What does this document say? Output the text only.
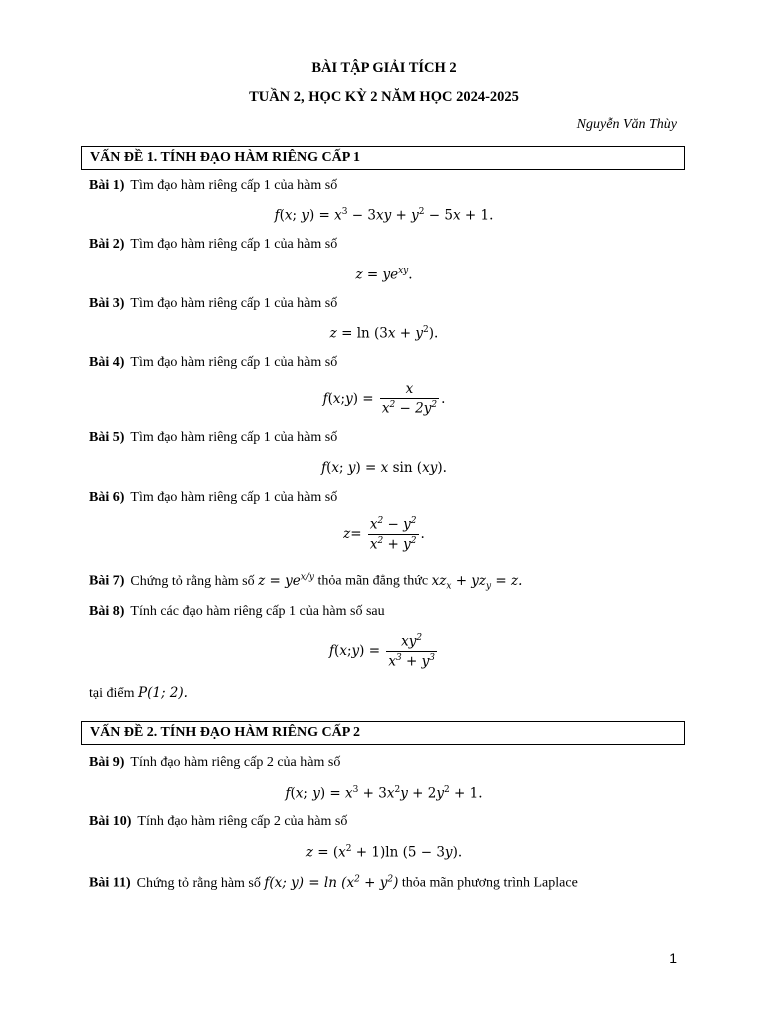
BÀI TẬP GIẢI TÍCH 2
TUẦN 2, HỌC KỲ 2 NĂM HỌC 2024-2025
Nguyễn Văn Thùy
VẤN ĐỀ 1. TÍNH ĐẠO HÀM RIÊNG CẤP 1
Bài 1) Tìm đạo hàm riêng cấp 1 của hàm số
f(x; $y) = x^3 - 3xy + y^2 - 5x + 1$.
Bài 2) Tìm đạo hàm riêng cấp 1 của hàm số
$z = ye^{xy}$.
Bài 3) Tìm đạo hàm riêng cấp 1 của hàm số
$z = \ln (3x + y^2)$.
Bài 4) Tìm đạo hàm riêng cấp 1 của hàm số
f ( x ; y ) = $\frac{x}{x^2 - 2y^2}$ .
Bài 5) Tìm đạo hàm riêng cấp 1 của hàm số
f(x; y) = x sin (xy).
Bài 6) Tìm đạo hàm riêng cấp 1 của hàm số
$z = \frac{x^2 - y^2}{x^2 + y^2}$ .
Bài 7) Chứng tỏ rằng hàm số $z = ye^{x/y}$ thỏa mãn đẳng thức $xz_x + yz_y = z$.
Bài 8) Tính các đạo hàm riêng cấp 1 của hàm số sau
f ( x ; y ) = $\frac{xy^2}{x^3 + y^3}$
tại điểm P(1; 2).
VẤN ĐỀ 2. TÍNH ĐẠO HÀM RIÊNG CẤP 2
Bài 9) Tính đạo hàm riêng cấp 2 của hàm số
f(x; $y) = x^3 + 3x^2y + 2y^2 + 1$.
Bài 10) Tính đạo hàm riêng cấp 2 của hàm số
$z = (x^2 + 1)\ln$ (5 − 3y).
Bài 11) Chứng tỏ rằng hàm số f(x; $y) = \ln (x^2 + y^2)$ thỏa mãn phương trình Laplace
1
